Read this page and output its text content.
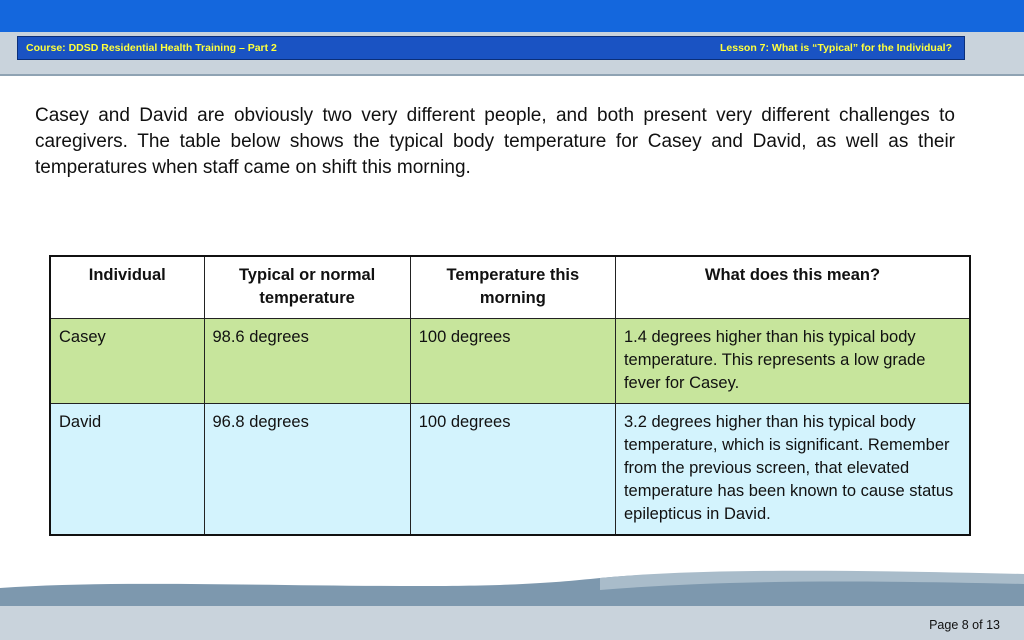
Course: DDSD Residential Health Training – Part 2	Lesson 7: What is “Typical” for the Individual?
Casey and David are obviously two very different people, and both present very different challenges to caregivers. The table below shows the typical body temperature for Casey and David, as well as their temperatures when staff came on shift this morning.
Individual	Typical or normal temperature	Temperature this morning	What does this mean?
Casey	98.6 degrees	100 degrees	1.4 degrees higher than his typical body temperature. This represents a low grade fever for Casey.
David	96.8 degrees	100 degrees	3.2 degrees higher than his typical body temperature, which is significant. Remember from the previous screen, that elevated temperature has been known to cause status epilepticus in David.
Page 8 of 13
